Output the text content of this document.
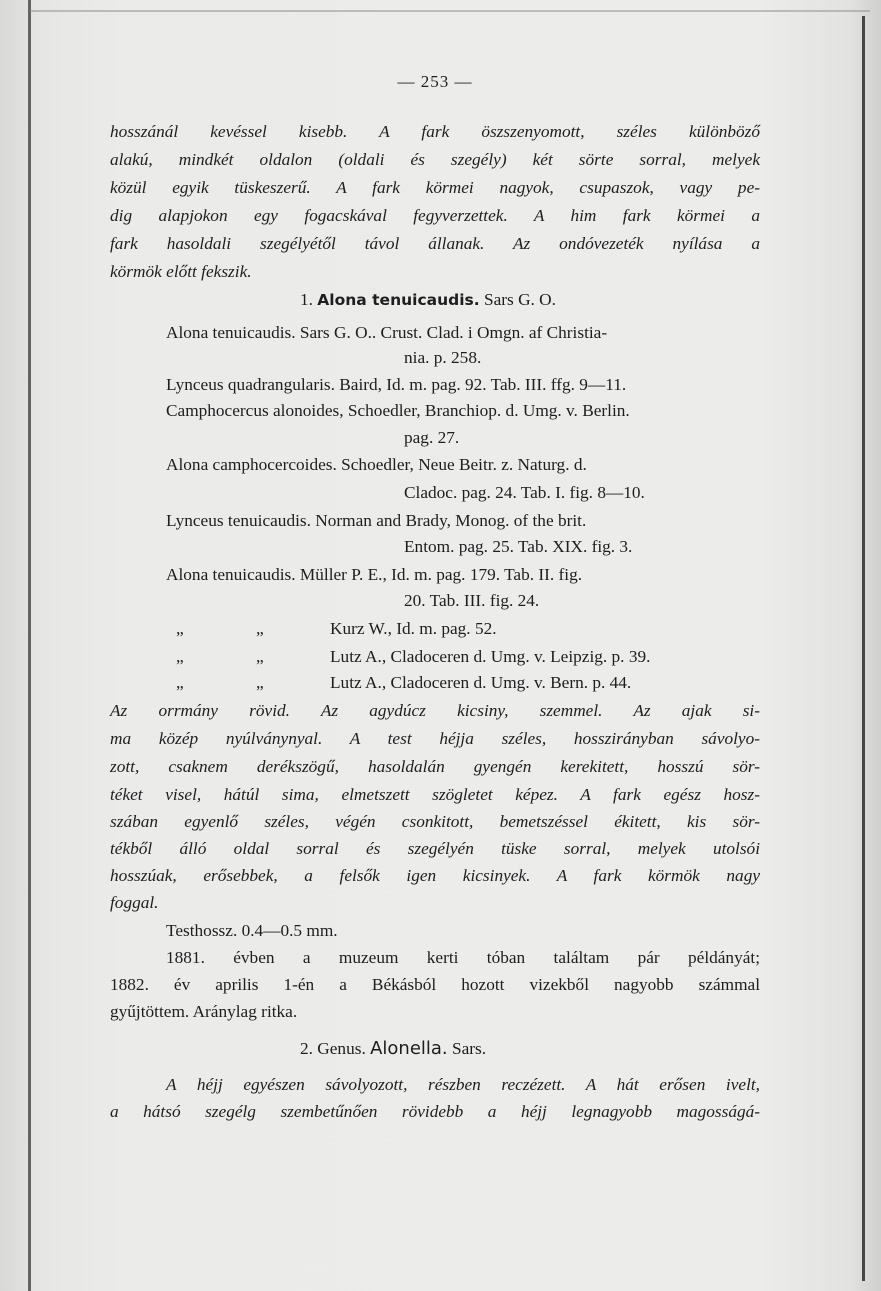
— 253 —
hosszánál kevéssel kisebb. A fark öszszenyomott, széles különböző
alakú, mindkét oldalon (oldali és szegély) két sörte sorral, melyek
közül egyik tüskeszerű. A fark körmei nagyok, csupaszok, vagy pe-
dig alapjokon egy fogacskával fegyverzettek. A him fark körmei a
fark hasoldali szegélyétől távol állanak. Az ondóvezeték nyílása a
körmök előtt fekszik.
1. Alona tenuicaudis. Sars G. O.
Alona tenuicaudis. Sars G. O.. Crust. Clad. i Omgn. af Christia-
nia. p. 258.
Lynceus quadrangularis. Baird, Id. m. pag. 92. Tab. III. ffg. 9—11.
Camphocercus alonoides, Schoedler, Branchiop. d. Umg. v. Berlin.
pag. 27.
Alona camphocercoides. Schoedler, Neue Beitr. z. Naturg. d.
Cladoc. pag. 24. Tab. I. fig. 8—10.
Lynceus tenuicaudis. Norman and Brady, Monog. of the brit.
Entom. pag. 25. Tab. XIX. fig. 3.
Alona tenuicaudis. Müller P. E., Id. m. pag. 179. Tab. II. fig.
20. Tab. III. fig. 24.
„	„	Kurz W., Id. m. pag. 52.
„	„	Lutz A., Cladoceren d. Umg. v. Leipzig. p. 39.
„	„	Lutz A., Cladoceren d. Umg. v. Bern. p. 44.
Az orrmány rövid. Az agydúcz kicsiny, szemmel. Az ajak si-
ma közép nyúlványnyal. A test héjja széles, hosszirányban sávolyo-
zott, csaknem derékszögű, hasoldalán gyengén kerekitett, hosszú sör-
téket visel, hátúl sima, elmetszett szögletet képez. A fark egész hosz-
szában egyenlő széles, végén csonkitott, bemetszéssel ékitett, kis sör-
tékből álló oldal sorral és szegélyén tüske sorral, melyek utolsói
hosszúak, erősebbek, a felsők igen kicsinyek. A fark körmök nagy
foggal.
Testhossz. 0.4—0.5 mm.
1881. évben a muzeum kerti tóban találtam pár példányát;
1882. év aprilis 1-én a Békásból hozott vizekből nagyobb számmal
gyűjtöttem. Aránylag ritka.
2. Genus. Alonella. Sars.
A héjj egyészen sávolyozott, részben reczézett. A hát erősen ivelt,
a hátsó szegélg szembetűnően rövidebb a héjj legnagyobb magosságá-
